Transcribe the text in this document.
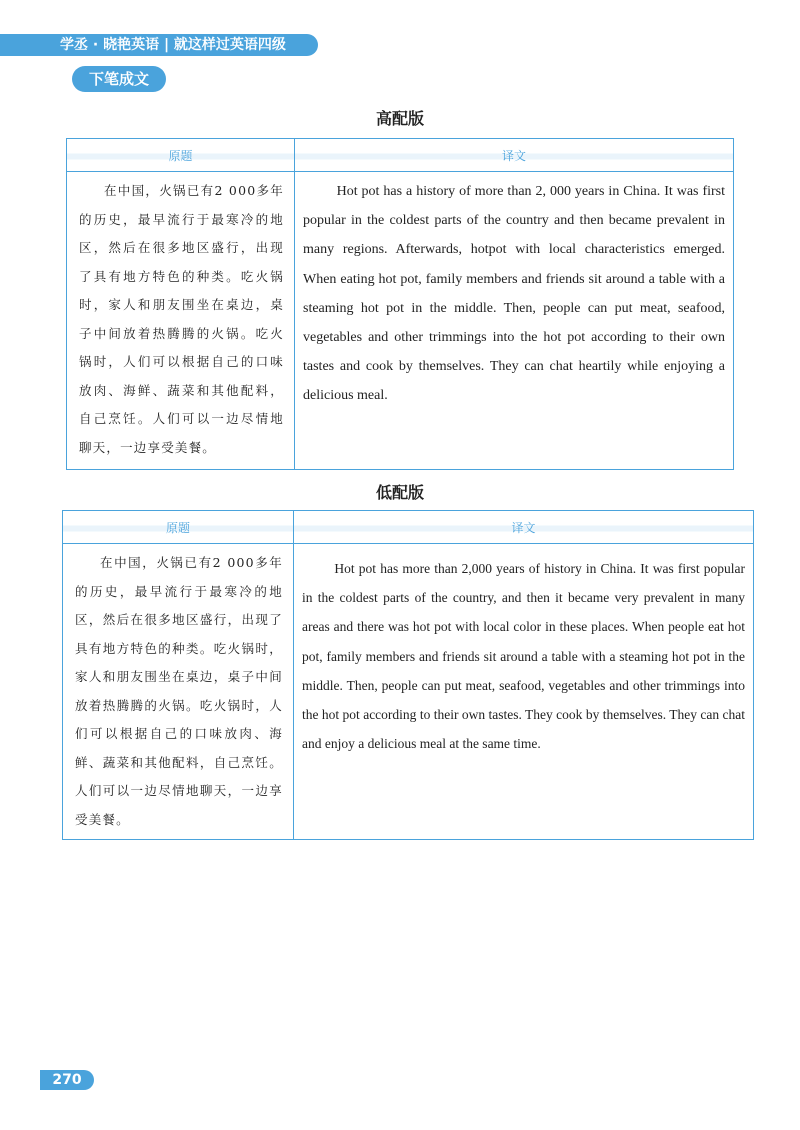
学丞 · 晓艳英语 | 就这样过英语四级
下笔成文
高配版
原题	译文

在中国，火锅已有2 000多年的历史，最早流行于最寒冷的地区，然后在很多地区盛行，出现了具有地方特色的种类。吃火锅时，家人和朋友围坐在桌边，桌子中间放着热腾腾的火锅。吃火锅时，人们可以根据自己的口味放肉、海鲜、蔬菜和其他配料，自己烹饪。人们可以一边尽情地聊天，一边享受美餐。	Hot pot has a history of more than 2, 000 years in China. It was first popular in the coldest parts of the country and then became prevalent in many regions. Afterwards, hotpot with local characteristics emerged. When eating hot pot, family members and friends sit around a table with a steaming hot pot in the middle. Then, people can put meat, seafood, vegetables and other trimmings into the hot pot according to their own tastes and cook by themselves. They can chat heartily while enjoying a delicious meal.
低配版
原题	译文

在中国，火锅已有2 000多年的历史，最早流行于最寒冷的地区，然后在很多地区盛行，出现了具有地方特色的种类。吃火锅时，家人和朋友围坐在桌边，桌子中间放着热腾腾的火锅。吃火锅时，人们可以根据自己的口味放肉、海鲜、蔬菜和其他配料，自己烹饪。人们可以一边尽情地聊天，一边享受美餐。	Hot pot has more than 2,000 years of history in China. It was first popular in the coldest parts of the country, and then it became very prevalent in many areas and there was hot pot with local color in these places. When people eat hot pot, family members and friends sit around a table with a steaming hot pot in the middle. Then, people can put meat, seafood, vegetables and other trimmings into the hot pot according to their own tastes. They cook by themselves. They can chat and enjoy a delicious meal at the same time.
270
